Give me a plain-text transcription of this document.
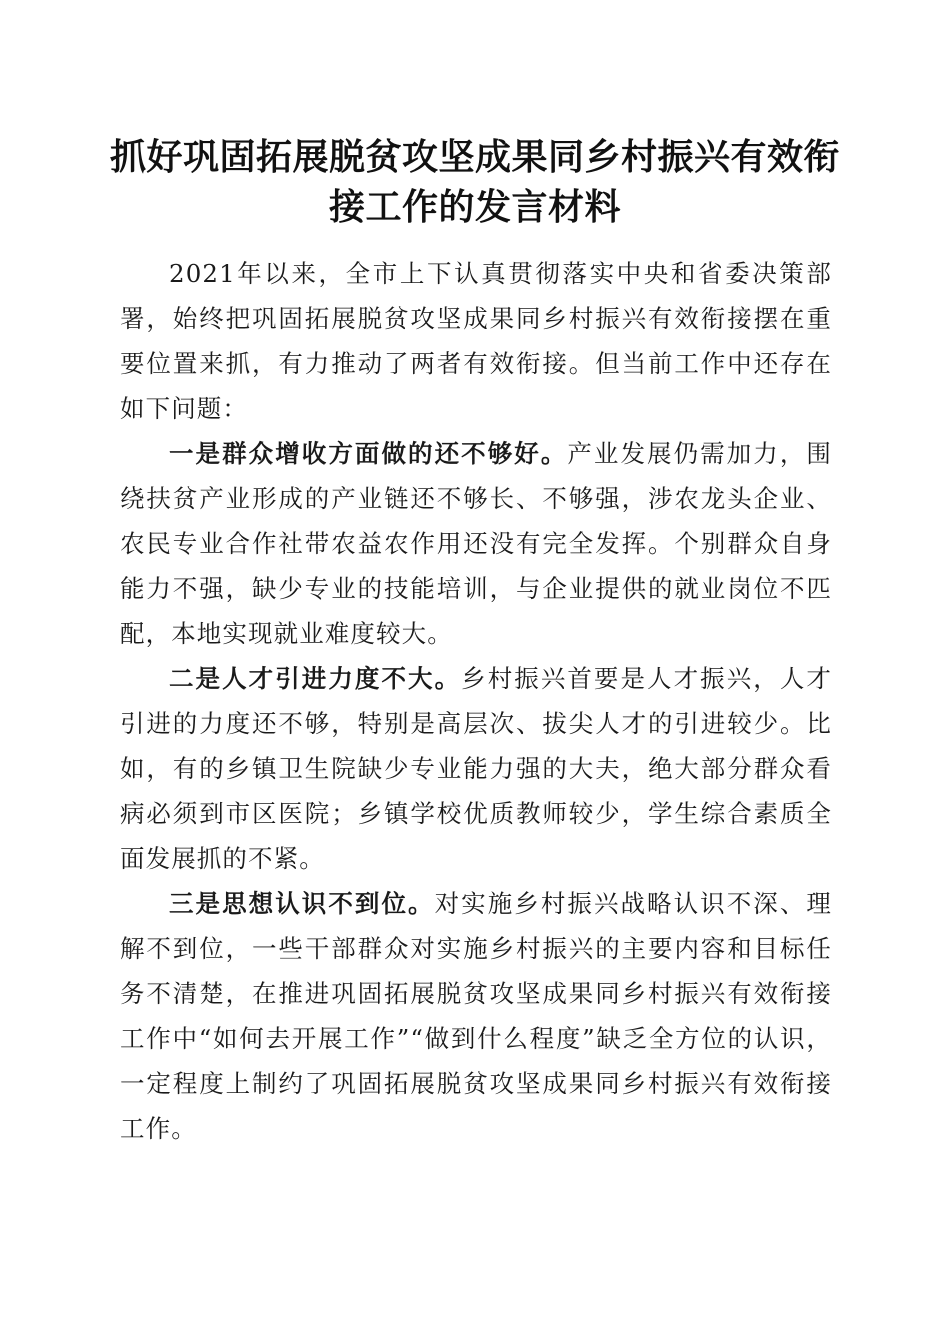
抓好巩固拓展脱贫攻坚成果同乡村振兴有效衔
接工作的发言材料

2021年以来，全市上下认真贯彻落实中央和省委决策部署，始终把巩固拓展脱贫攻坚成果同乡村振兴有效衔接摆在重要位置来抓，有力推动了两者有效衔接。但当前工作中还存在如下问题：

一是群众增收方面做的还不够好。产业发展仍需加力，围绕扶贫产业形成的产业链还不够长、不够强，涉农龙头企业、农民专业合作社带农益农作用还没有完全发挥。个别群众自身能力不强，缺少专业的技能培训，与企业提供的就业岗位不匹配，本地实现就业难度较大。

二是人才引进力度不大。乡村振兴首要是人才振兴，人才引进的力度还不够，特别是高层次、拔尖人才的引进较少。比如，有的乡镇卫生院缺少专业能力强的大夫，绝大部分群众看病必须到市区医院；乡镇学校优质教师较少，学生综合素质全面发展抓的不紧。

三是思想认识不到位。对实施乡村振兴战略认识不深、理解不到位，一些干部群众对实施乡村振兴的主要内容和目标任务不清楚，在推进巩固拓展脱贫攻坚成果同乡村振兴有效衔接工作中“如何去开展工作”“做到什么程度”缺乏全方位的认识，一定程度上制约了巩固拓展脱贫攻坚成果同乡村振兴有效衔接工作。
